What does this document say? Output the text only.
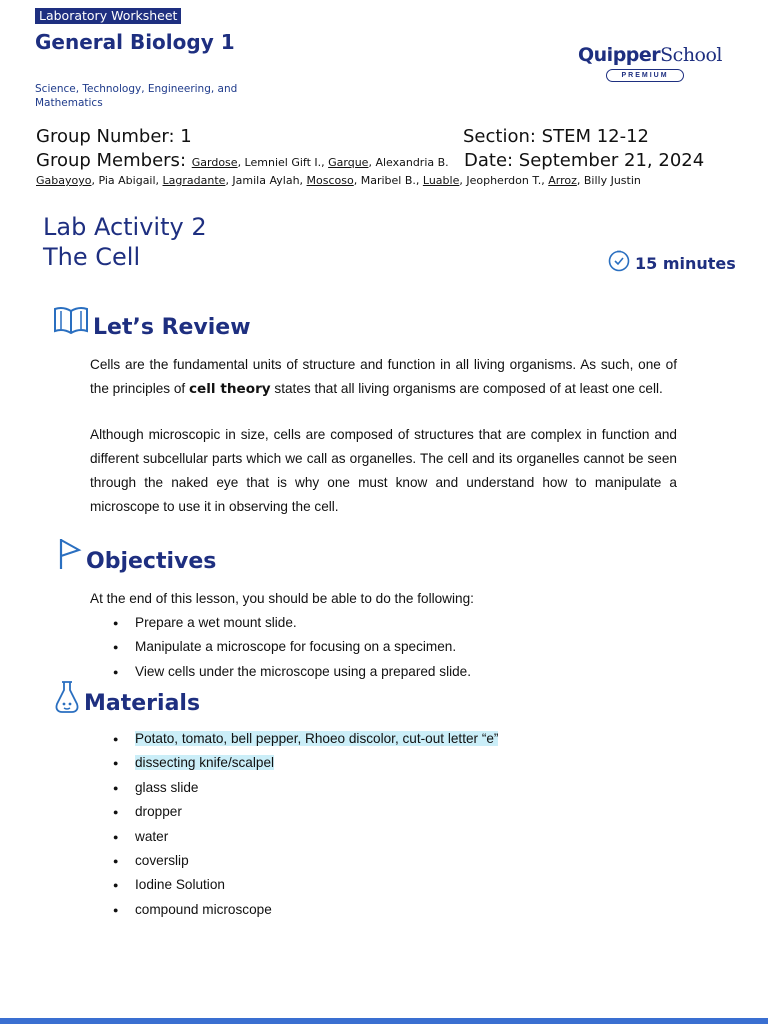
Laboratory Worksheet
General Biology 1
Science, Technology, Engineering, and Mathematics
QuipperSchool
PREMIUM
Group Number: 1	Section: STEM 12-12
Group Members: Gardose, Lemniel Gift I., Garque, Alexandria B. Date: September 21, 2024
Gabayoyo, Pia Abigail, Lagradante, Jamila Aylah, Moscoso, Maribel B., Luable, Jeopherdon T., Arroz, Billy Justin
Lab Activity 2
The Cell	15 minutes
Let’s Review
Cells are the fundamental units of structure and function in all living organisms. As such, one of the principles of cell theory states that all living organisms are composed of at least one cell.
Although microscopic in size, cells are composed of structures that are complex in function and different subcellular parts which we call as organelles. The cell and its organelles cannot be seen through the naked eye that is why one must know and understand how to manipulate a microscope to use it in observing the cell.
Objectives
At the end of this lesson, you should be able to do the following:
● Prepare a wet mount slide.
● Manipulate a microscope for focusing on a specimen.
● View cells under the microscope using a prepared slide.
Materials
● Potato, tomato, bell pepper, Rhoeo discolor, cut-out letter “e”
● dissecting knife/scalpel
● glass slide
● dropper
● water
● coverslip
● Iodine Solution
● compound microscope
